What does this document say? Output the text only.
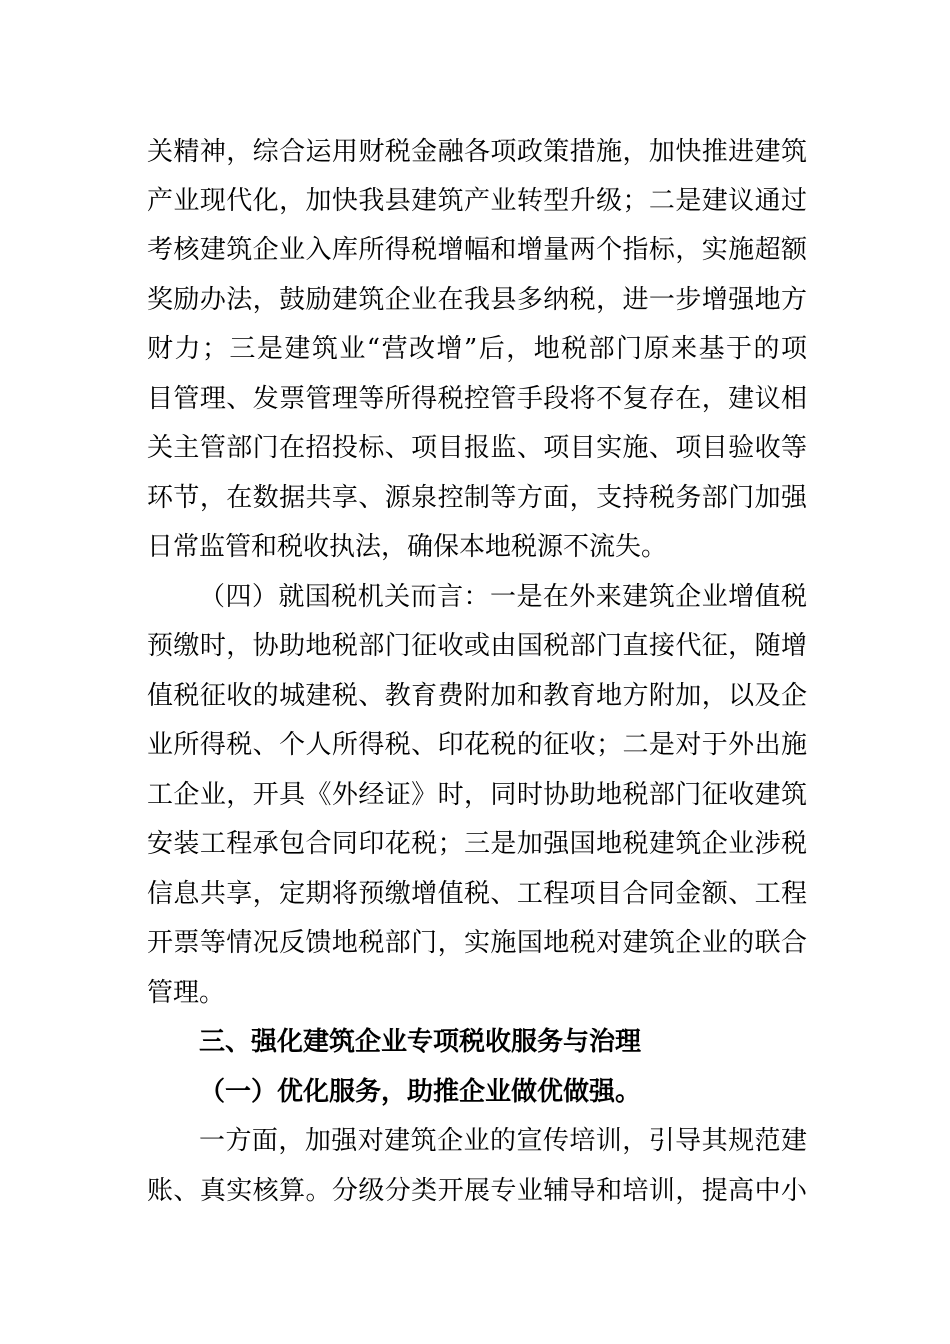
关精神，综合运用财税金融各项政策措施，加快推进建筑
产业现代化，加快我县建筑产业转型升级；二是建议通过
考核建筑企业入库所得税增幅和增量两个指标，实施超额
奖励办法，鼓励建筑企业在我县多纳税，进一步增强地方
财力；三是建筑业“营改增”后，地税部门原来基于的项
目管理、发票管理等所得税控管手段将不复存在，建议相
关主管部门在招投标、项目报监、项目实施、项目验收等
环节，在数据共享、源泉控制等方面，支持税务部门加强
日常监管和税收执法，确保本地税源不流失。
（四）就国税机关而言：一是在外来建筑企业增值税
预缴时，协助地税部门征收或由国税部门直接代征，随增
值税征收的城建税、教育费附加和教育地方附加，以及企
业所得税、个人所得税、印花税的征收；二是对于外出施
工企业，开具《外经证》时，同时协助地税部门征收建筑
安装工程承包合同印花税；三是加强国地税建筑企业涉税
信息共享，定期将预缴增值税、工程项目合同金额、工程
开票等情况反馈地税部门，实施国地税对建筑企业的联合
管理。
三、强化建筑企业专项税收服务与治理
（一）优化服务，助推企业做优做强。
一方面，加强对建筑企业的宣传培训，引导其规范建
账、真实核算。分级分类开展专业辅导和培训，提高中小
